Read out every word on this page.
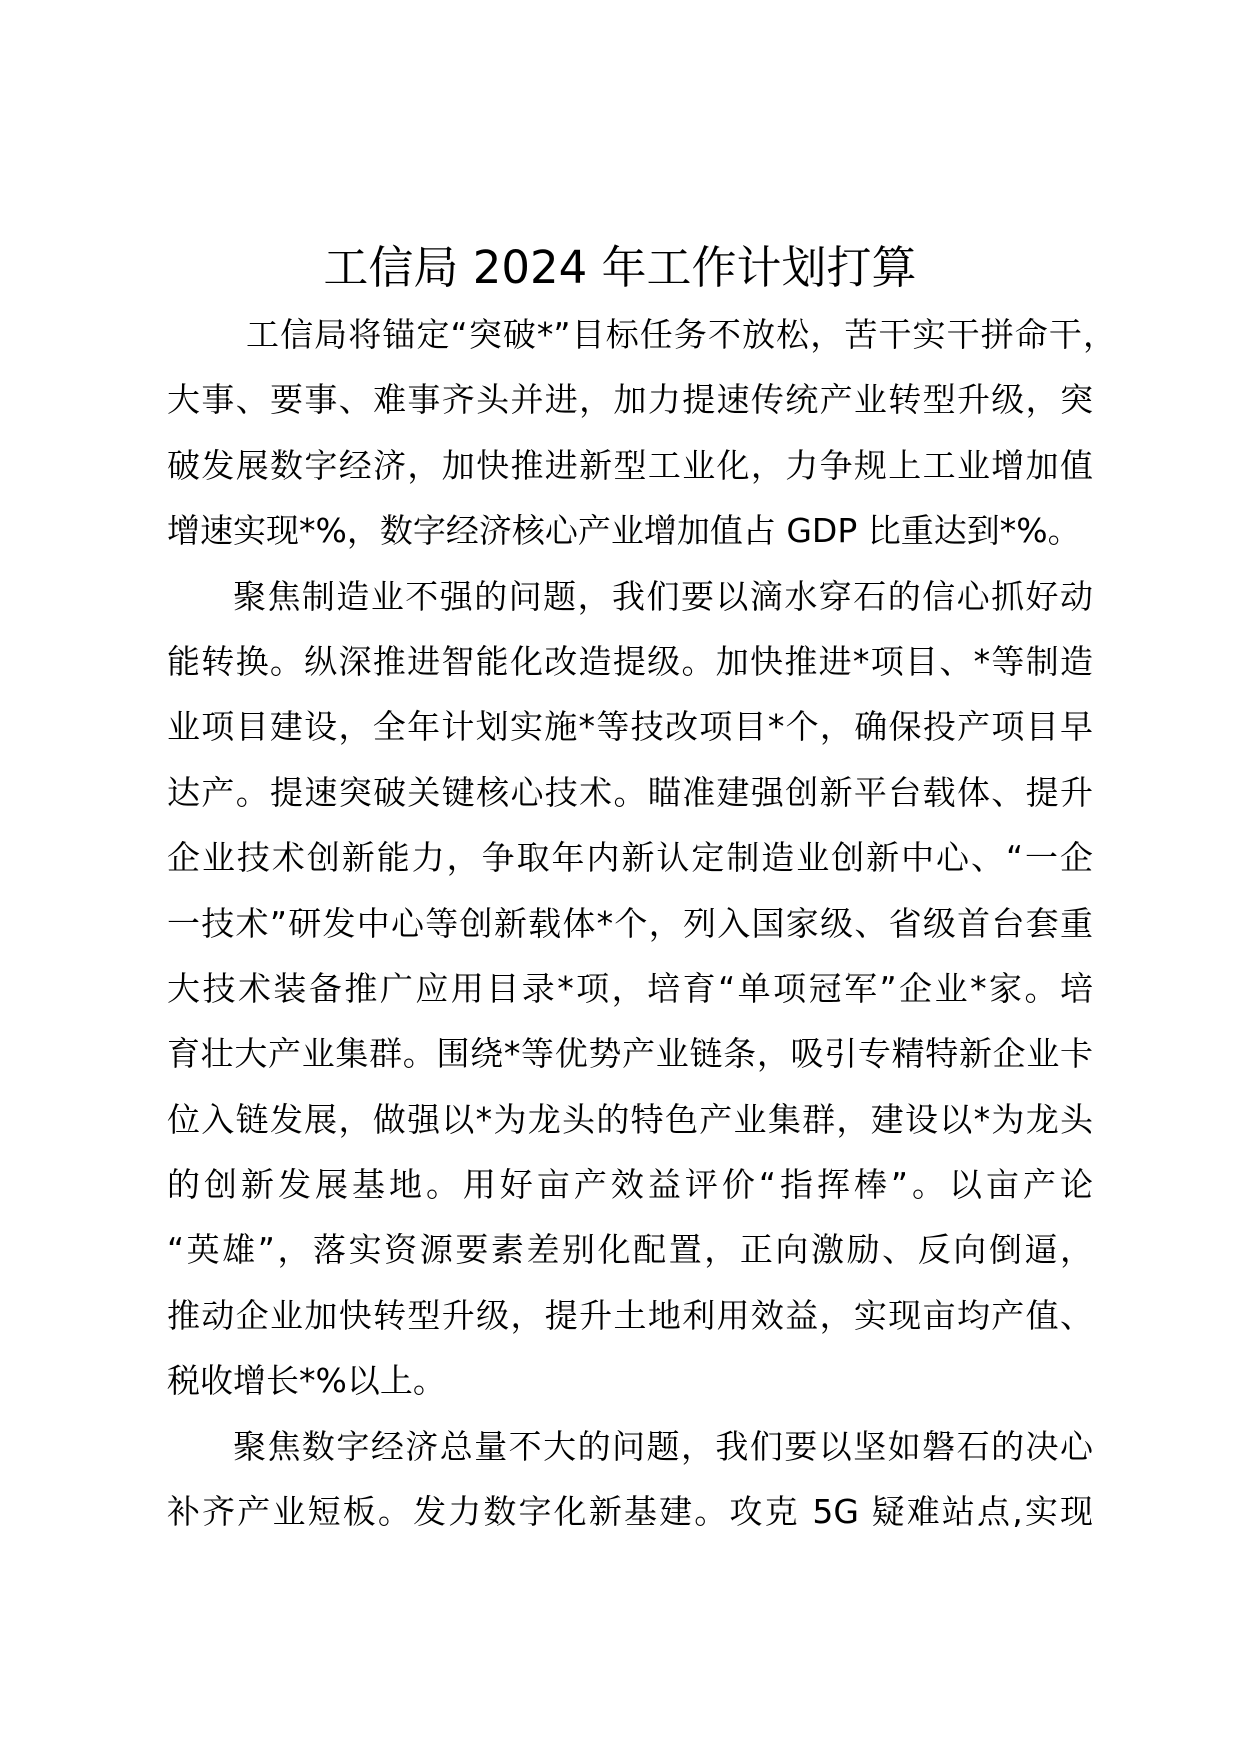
工信局 2024 年工作计划打算
工信局将锚定“突破*”目标任务不放松，苦干实干拼命干，
大事、要事、难事齐头并进，加力提速传统产业转型升级，突
破发展数字经济，加快推进新型工业化，力争规上工业增加值
增速实现*%，数字经济核心产业增加值占 GDP 比重达到*%。
聚焦制造业不强的问题，我们要以滴水穿石的信心抓好动
能转换。纵深推进智能化改造提级。加快推进*项目、*等制造
业项目建设，全年计划实施*等技改项目*个，确保投产项目早
达产。提速突破关键核心技术。瞄准建强创新平台载体、提升
企业技术创新能力，争取年内新认定制造业创新中心、“一企
一技术”研发中心等创新载体*个，列入国家级、省级首台套重
大技术装备推广应用目录*项，培育“单项冠军”企业*家。培
育壮大产业集群。围绕*等优势产业链条，吸引专精特新企业卡
位入链发展，做强以*为龙头的特色产业集群，建设以*为龙头
的创新发展基地。用好亩产效益评价“指挥棒”。以亩产论
“英雄”，落实资源要素差别化配置，正向激励、反向倒逼，
推动企业加快转型升级，提升土地利用效益，实现亩均产值、
税收增长*%以上。
聚焦数字经济总量不大的问题，我们要以坚如磐石的决心
补齐产业短板。发力数字化新基建。攻克 5G 疑难站点,实现
